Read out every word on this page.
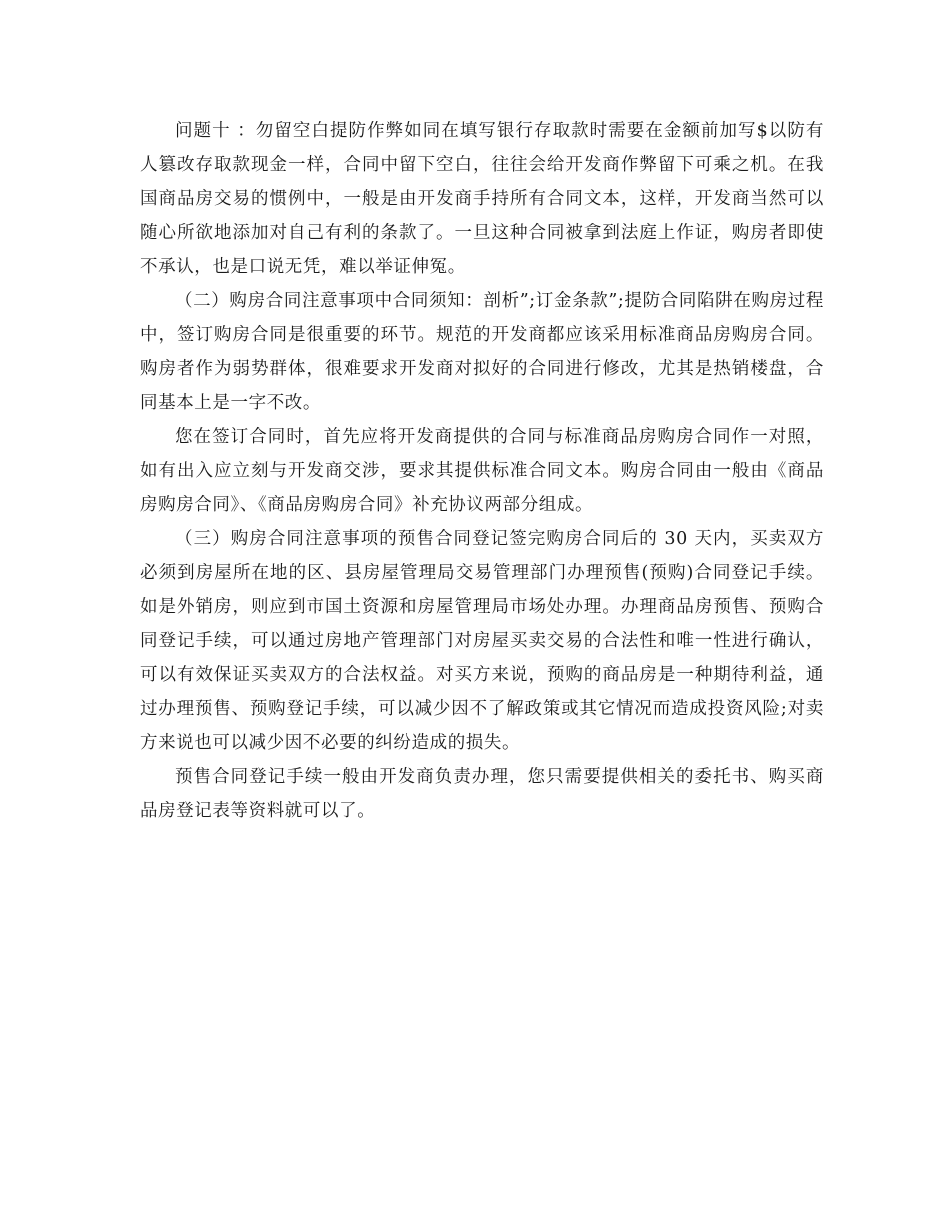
问题十 ：勿留空白提防作弊如同在填写银行存取款时需要在金额前加写$以防有人篡改存取款现金一样，合同中留下空白，往往会给开发商作弊留下可乘之机。在我国商品房交易的惯例中，一般是由开发商手持所有合同文本，这样，开发商当然可以随心所欲地添加对自己有利的条款了。一旦这种合同被拿到法庭上作证，购房者即使不承认，也是口说无凭，难以举证伸冤。

（二）购房合同注意事项中合同须知：剖析”;订金条款”;提防合同陷阱在购房过程中，签订购房合同是很重要的环节。规范的开发商都应该采用标准商品房购房合同。购房者作为弱势群体，很难要求开发商对拟好的合同进行修改，尤其是热销楼盘，合同基本上是一字不改。

您在签订合同时，首先应将开发商提供的合同与标准商品房购房合同作一对照，如有出入应立刻与开发商交涉，要求其提供标准合同文本。购房合同由一般由《商品房购房合同》、《商品房购房合同》补充协议两部分组成。

（三）购房合同注意事项的预售合同登记签完购房合同后的 30 天内，买卖双方必须到房屋所在地的区、县房屋管理局交易管理部门办理预售(预购)合同登记手续。如是外销房，则应到市国土资源和房屋管理局市场处办理。办理商品房预售、预购合同登记手续，可以通过房地产管理部门对房屋买卖交易的合法性和唯一性进行确认，可以有效保证买卖双方的合法权益。对买方来说，预购的商品房是一种期待利益，通过办理预售、预购登记手续，可以减少因不了解政策或其它情况而造成投资风险;对卖方来说也可以减少因不必要的纠纷造成的损失。

预售合同登记手续一般由开发商负责办理，您只需要提供相关的委托书、购买商品房登记表等资料就可以了。
